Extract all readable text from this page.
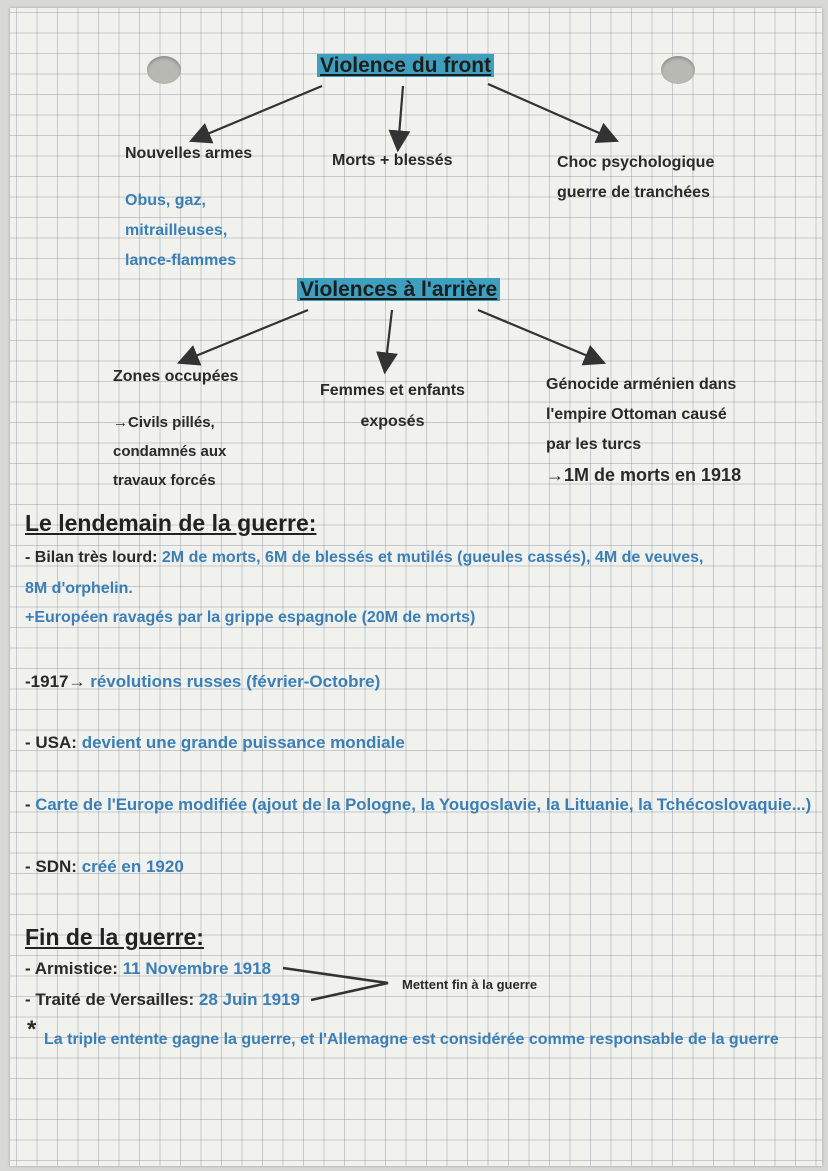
Violence du front
Nouvelles armes
Obus, gaz,
mitrailleuses,
lance-flammes
Morts + blessés	Choc psychologique
guerre de tranchées
Violences à l'arrière
Zones occupées
→Civils pillés,
condamnés aux
travaux forcés
Femmes et enfants
exposés
Génocide arménien dans
l'empire Ottoman causé
par les turcs
→1M de morts en 1918
Le lendemain de la guerre:
- Bilan très lourd: 2M de morts, 6M de blessés et mutilés (gueules cassés), 4M de veuves,
8M d'orphelin.
+Européen ravagés par la grippe espagnole (20M de morts)
-1917→ révolutions russes (février-Octobre)
- USA: devient une grande puissance mondiale
- Carte de l'Europe modifiée (ajout de la Pologne, la Yougoslavie, la Lituanie, la Tchécoslovaquie...)
- SDN: créé en 1920
Fin de la guerre:
- Armistice: 11 Novembre 1918
- Traité de Versailles: 28 Juin 1919
Mettent fin à la guerre
* La triple entente gagne la guerre, et l'Allemagne est considérée comme responsable de la guerre
